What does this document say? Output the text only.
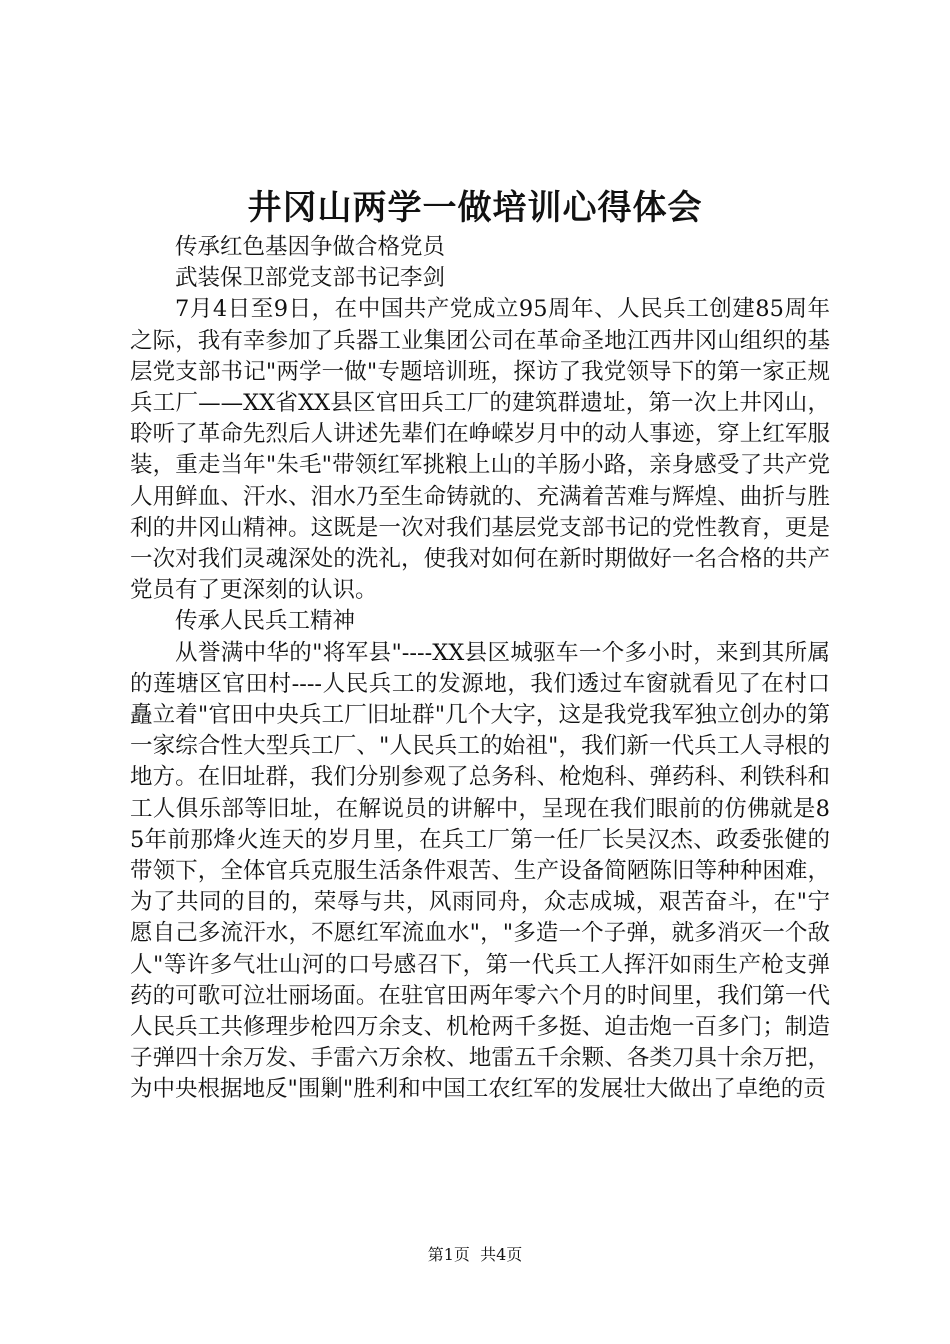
井冈山两学一做培训心得体会

传承红色基因争做合格党员

武装保卫部党支部书记李剑

7月4日至9日，在中国共产党成立95周年、人民兵工创建85周年之际，我有幸参加了兵器工业集团公司在革命圣地江西井冈山组织的基层党支部书记"两学一做"专题培训班，探访了我党领导下的第一家正规兵工厂——XX省XX县区官田兵工厂的建筑群遗址，第一次上井冈山，聆听了革命先烈后人讲述先辈们在峥嵘岁月中的动人事迹，穿上红军服装，重走当年"朱毛"带领红军挑粮上山的羊肠小路，亲身感受了共产党人用鲜血、汗水、泪水乃至生命铸就的、充满着苦难与辉煌、曲折与胜利的井冈山精神。这既是一次对我们基层党支部书记的党性教育，更是一次对我们灵魂深处的洗礼，使我对如何在新时期做好一名合格的共产党员有了更深刻的认识。

传承人民兵工精神

从誉满中华的"将军县"----XX县区城驱车一个多小时，来到其所属的莲塘区官田村----人民兵工的发源地，我们透过车窗就看见了在村口矗立着"官田中央兵工厂旧址群"几个大字，这是我党我军独立创办的第一家综合性大型兵工厂、"人民兵工的始祖"，我们新一代兵工人寻根的地方。在旧址群，我们分别参观了总务科、枪炮科、弹药科、利铁科和工人俱乐部等旧址，在解说员的讲解中，呈现在我们眼前的仿佛就是85年前那烽火连天的岁月里，在兵工厂第一任厂长吴汉杰、政委张健的带领下，全体官兵克服生活条件艰苦、生产设备简陋陈旧等种种困难，为了共同的目的，荣辱与共，风雨同舟，众志成城，艰苦奋斗，在"宁愿自己多流汗水，不愿红军流血水"，"多造一个子弹，就多消灭一个敌人"等许多气壮山河的口号感召下，第一代兵工人挥汗如雨生产枪支弹药的可歌可泣壮丽场面。在驻官田两年零六个月的时间里，我们第一代人民兵工共修理步枪四万余支、机枪两千多挺、迫击炮一百多门；制造子弹四十余万发、手雷六万余枚、地雷五千余颗、各类刀具十余万把，为中央根据地反"围剿"胜利和中国工农红军的发展壮大做出了卓绝的贡

第1页 共4页
